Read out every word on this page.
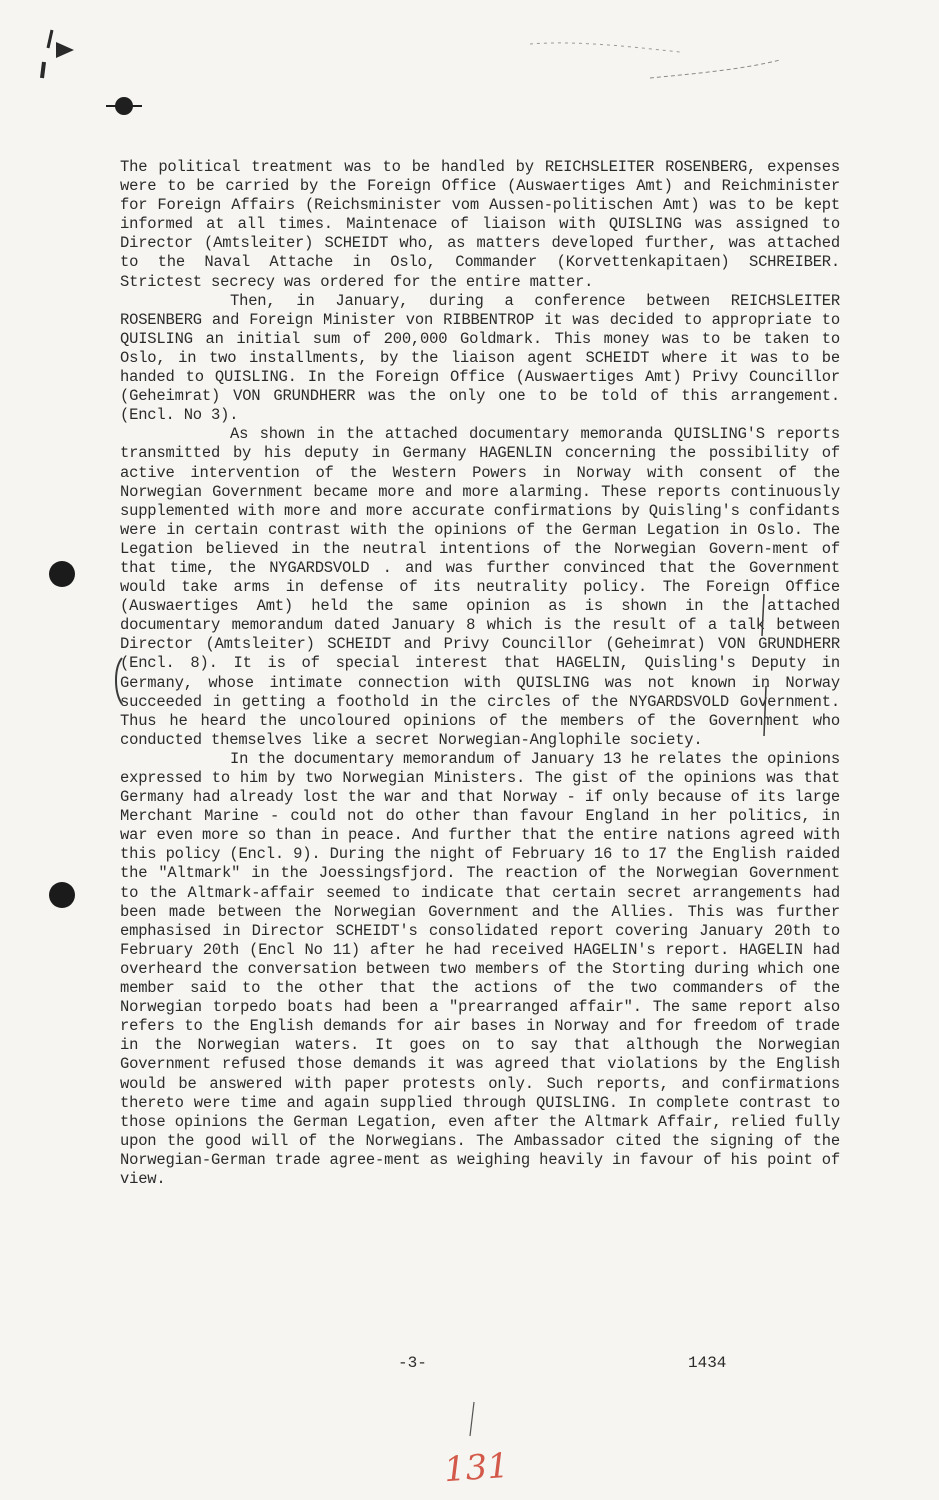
The political treatment was to be handled by REICHSLEITER ROSENBERG, expenses were to be carried by the Foreign Office (Auswaertiges Amt) and Reichminister for Foreign Affairs (Reichsminister vom Aussen-politischen Amt) was to be kept informed at all times. Maintenace of liaison with QUISLING was assigned to Director (Amtsleiter) SCHEIDT who, as matters developed further, was attached to the Naval Attache in Oslo, Commander (Korvettenkapitaen) SCHREIBER. Strictest secrecy was ordered for the entire matter.

Then, in January, during a conference between REICHSLEITER ROSENBERG and Foreign Minister von RIBBENTROP it was decided to appropriate to QUISLING an initial sum of 200,000 Goldmark. This money was to be taken to Oslo, in two installments, by the liaison agent SCHEIDT where it was to be handed to QUISLING. In the Foreign Office (Auswaertiges Amt) Privy Councillor (Geheimrat) VON GRUNDHERR was the only one to be told of this arrangement. (Encl. No 3).

As shown in the attached documentary memoranda QUISLING'S reports transmitted by his deputy in Germany HAGENLIN concerning the possibility of active intervention of the Western Powers in Norway with consent of the Norwegian Government became more and more alarming. These reports continuously supplemented with more and more accurate confirmations by Quisling's confidants were in certain contrast with the opinions of the German Legation in Oslo. The Legation believed in the neutral intentions of the Norwegian Govern-ment of that time, the NYGARDSVOLD . and was further convinced that the Government would take arms in defense of its neutrality policy. The Foreign Office (Auswaertiges Amt) held the same opinion as is shown in the attached documentary memorandum dated January 8 which is the result of a talk between Director (Amtsleiter) SCHEIDT and Privy Councillor (Geheimrat) VON GRUNDHERR (Encl. 8). It is of special interest that HAGELIN, Quisling's Deputy in Germany, whose intimate connection with QUISLING was not known in Norway succeeded in getting a foothold in the circles of the NYGARDSVOLD Government. Thus he heard the uncoloured opinions of the members of the Government who conducted themselves like a secret Norwegian-Anglophile society.

In the documentary memorandum of January 13 he relates the opinions expressed to him by two Norwegian Ministers. The gist of the opinions was that Germany had already lost the war and that Norway - if only because of its large Merchant Marine - could not do other than favour England in her politics, in war even more so than in peace. And further that the entire nations agreed with this policy (Encl. 9). During the night of February 16 to 17 the English raided the "Altmark" in the Joessingsfjord. The reaction of the Norwegian Government to the Altmark-affair seemed to indicate that certain secret arrangements had been made between the Norwegian Government and the Allies. This was further emphasised in Director SCHEIDT's consolidated report covering January 20th to February 20th (Encl No 11) after he had received HAGELIN's report. HAGELIN had overheard the conversation between two members of the Storting during which one member said to the other that the actions of the two commanders of the Norwegian torpedo boats had been a "prearranged affair". The same report also refers to the English demands for air bases in Norway and for freedom of trade in the Norwegian waters. It goes on to say that although the Norwegian Government refused those demands it was agreed that violations by the English would be answered with paper protests only. Such reports, and confirmations thereto were time and again supplied through QUISLING. In complete contrast to those opinions the German Legation, even after the Altmark Affair, relied fully upon the good will of the Norwegians. The Ambassador cited the signing of the Norwegian-German trade agree-ment as weighing heavily in favour of his point of view.

-3-	1434
131
